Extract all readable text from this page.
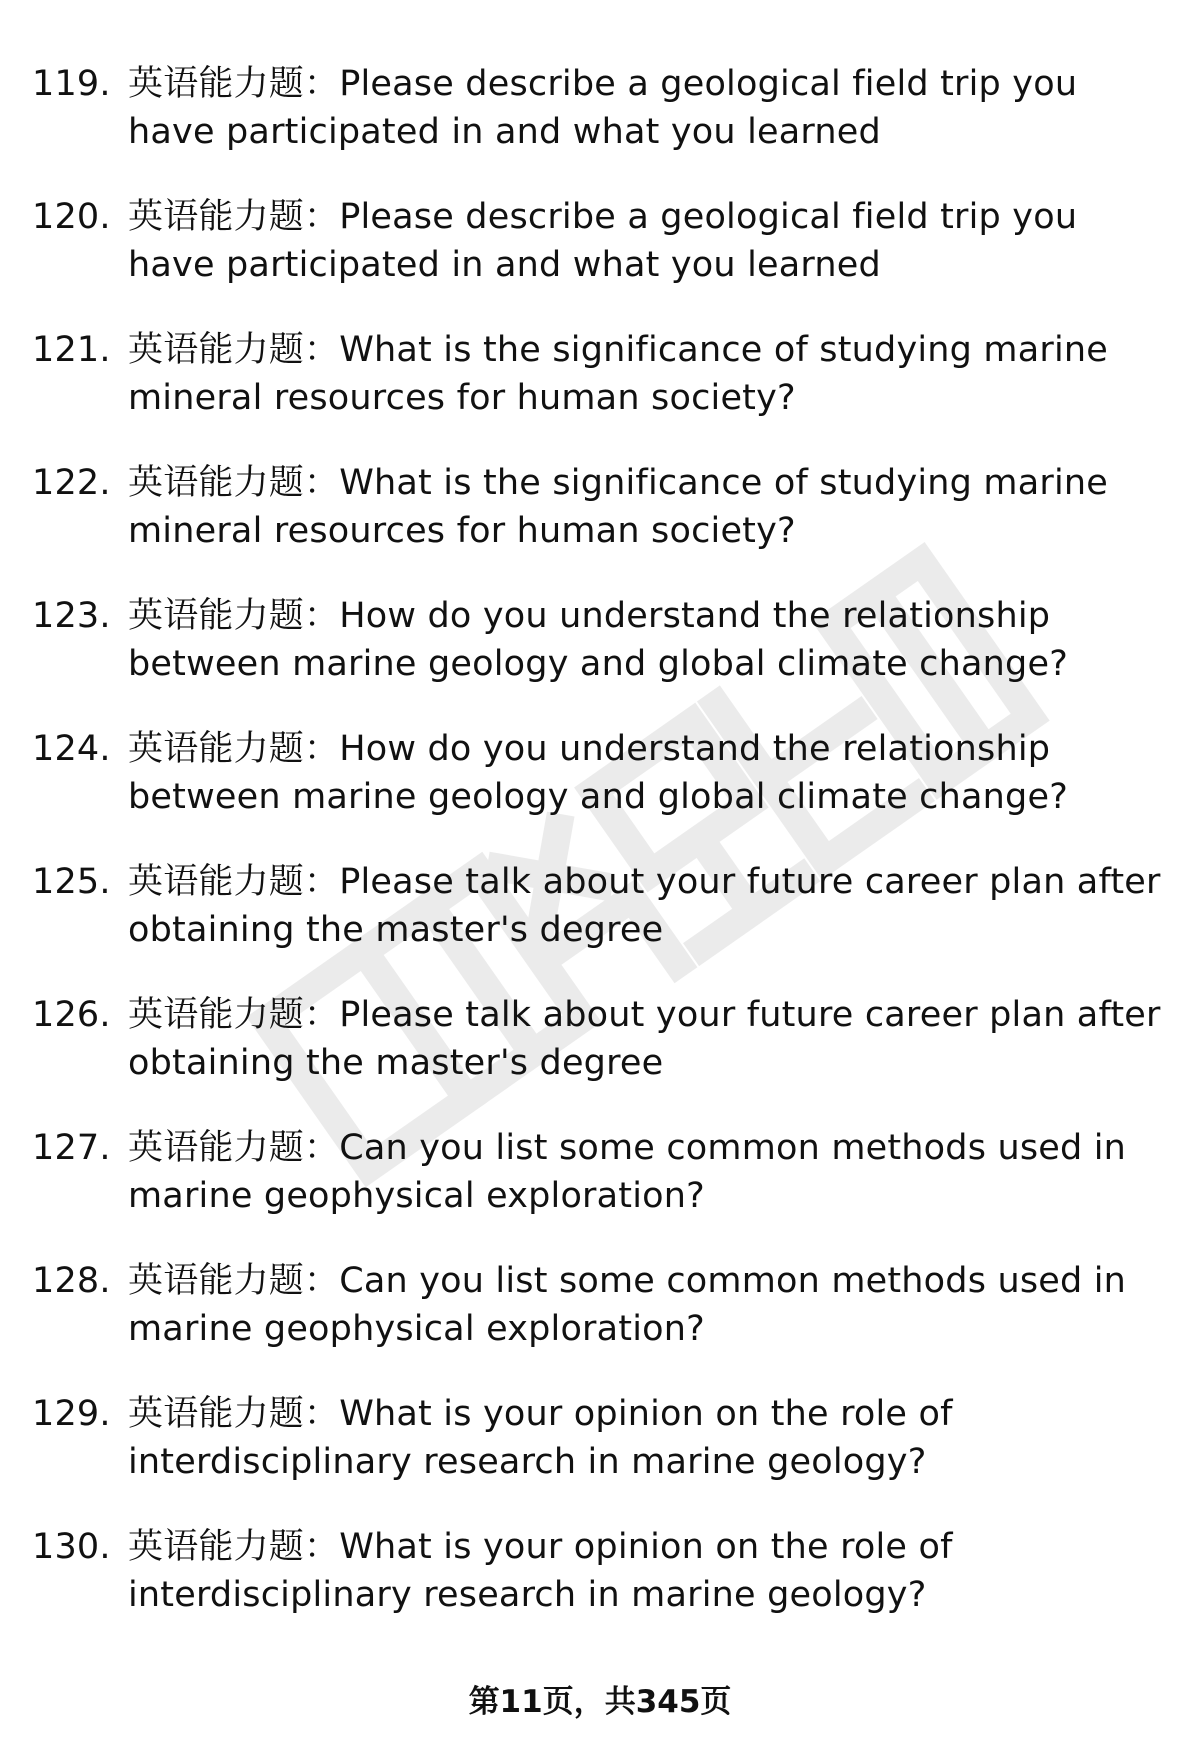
119. 英语能力题：Please describe a geological field trip you have participated in and what you learned
120. 英语能力题：Please describe a geological field trip you have participated in and what you learned
121. 英语能力题：What is the significance of studying marine mineral resources for human society?
122. 英语能力题：What is the significance of studying marine mineral resources for human society?
123. 英语能力题：How do you understand the relationship between marine geology and global climate change?
124. 英语能力题：How do you understand the relationship between marine geology and global climate change?
125. 英语能力题：Please talk about your future career plan after obtaining the master's degree
126. 英语能力题：Please talk about your future career plan after obtaining the master's degree
127. 英语能力题：Can you list some common methods used in marine geophysical exploration?
128. 英语能力题：Can you list some common methods used in marine geophysical exploration?
129. 英语能力题：What is your opinion on the role of interdisciplinary research in marine geology?
130. 英语能力题：What is your opinion on the role of interdisciplinary research in marine geology?
第11页，共345页
